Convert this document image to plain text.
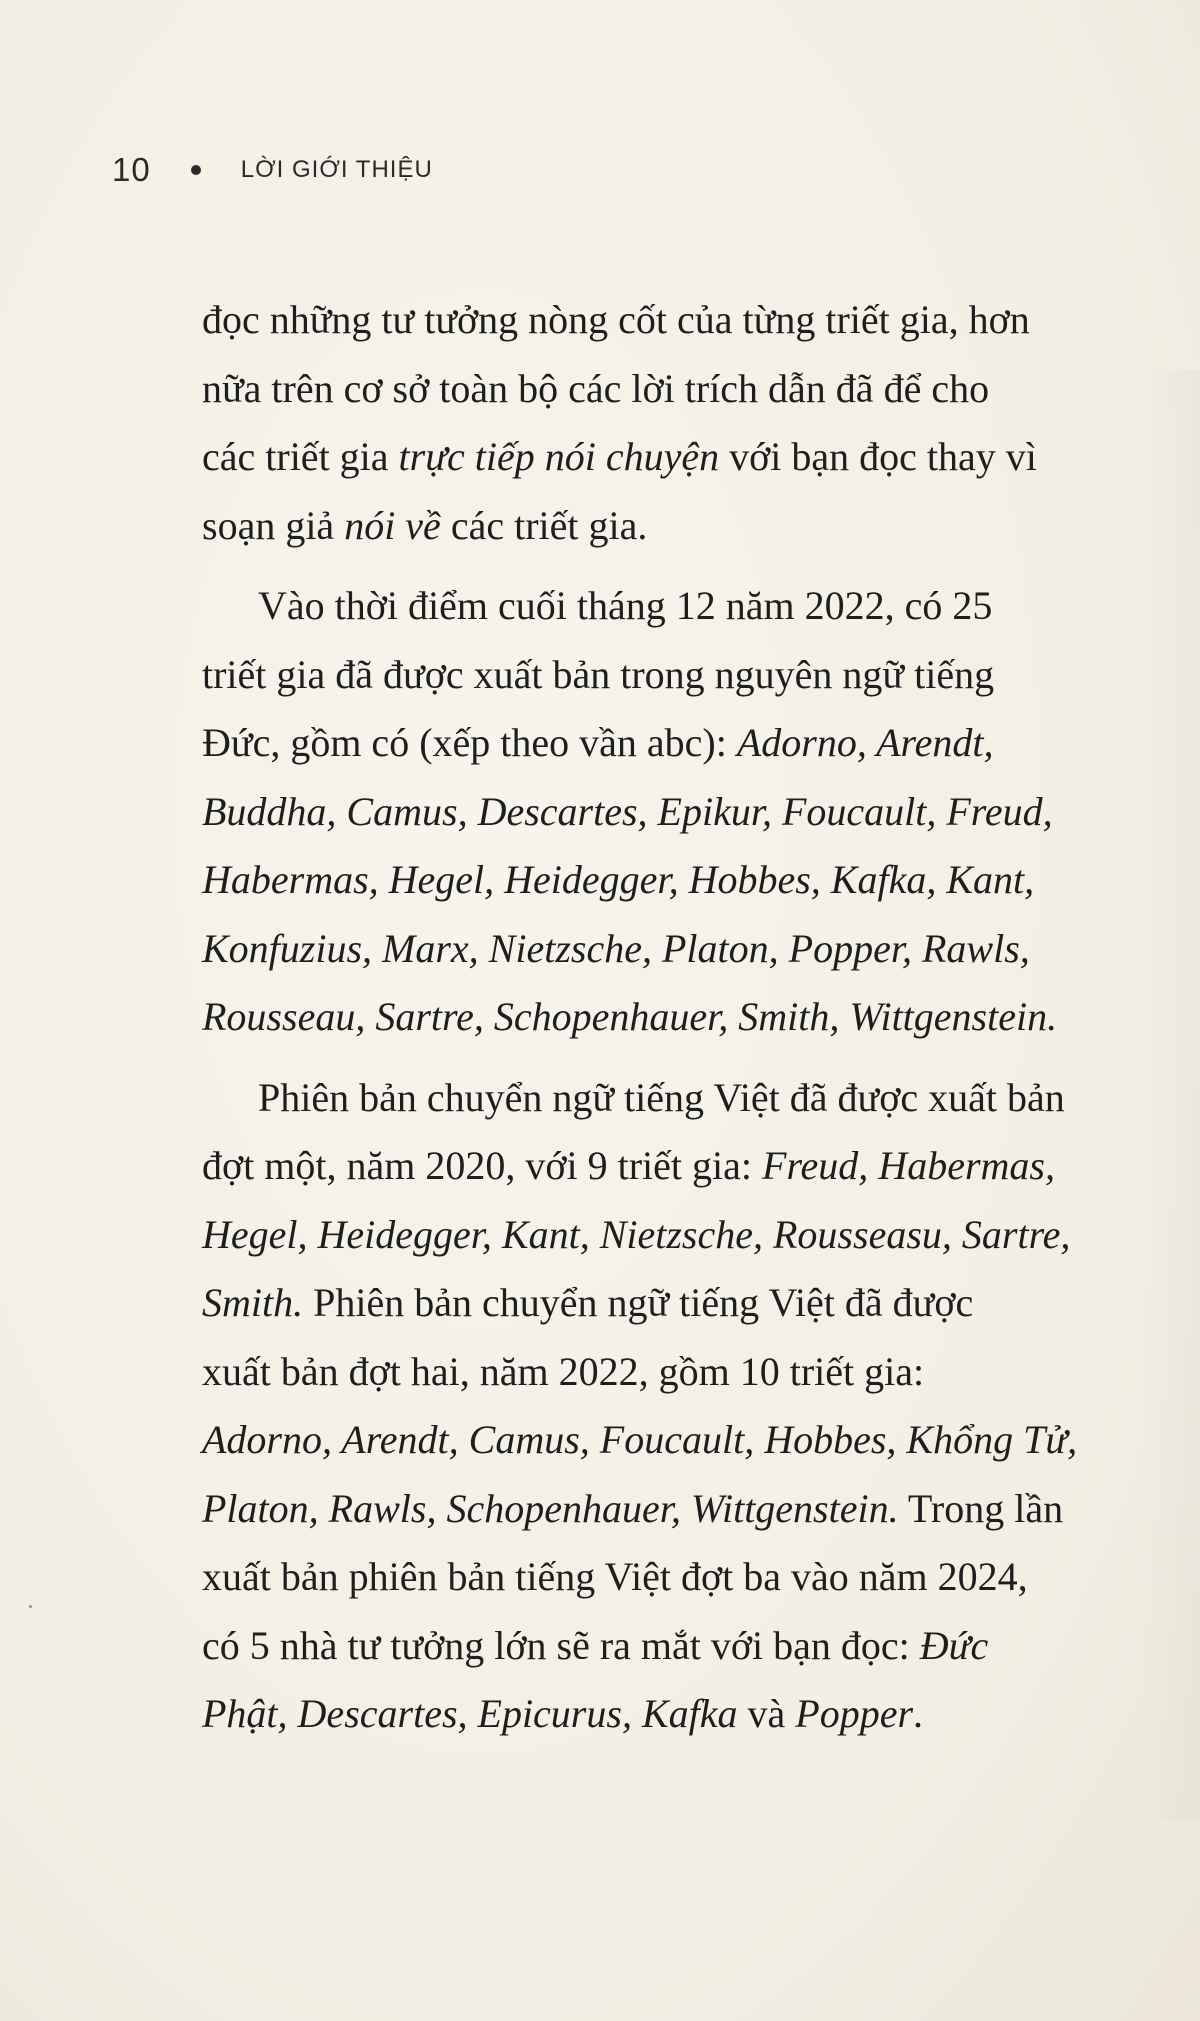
10	LỜI GIỚI THIỆU

đọc những tư tưởng nòng cốt của từng triết gia, hơn
nữa trên cơ sở toàn bộ các lời trích dẫn đã để cho
các triết gia trực tiếp nói chuyện với bạn đọc thay vì
soạn giả nói về các triết gia.

Vào thời điểm cuối tháng 12 năm 2022, có 25
triết gia đã được xuất bản trong nguyên ngữ tiếng
Đức, gồm có (xếp theo vần abc): Adorno, Arendt,
Buddha, Camus, Descartes, Epikur, Foucault, Freud,
Habermas, Hegel, Heidegger, Hobbes, Kafka, Kant,
Konfuzius, Marx, Nietzsche, Platon, Popper, Rawls,
Rousseau, Sartre, Schopenhauer, Smith, Wittgenstein.

Phiên bản chuyển ngữ tiếng Việt đã được xuất bản
đợt một, năm 2020, với 9 triết gia: Freud, Habermas,
Hegel, Heidegger, Kant, Nietzsche, Rousseasu, Sartre,
Smith. Phiên bản chuyển ngữ tiếng Việt đã được
xuất bản đợt hai, năm 2022, gồm 10 triết gia:
Adorno, Arendt, Camus, Foucault, Hobbes, Khổng Tử,
Platon, Rawls, Schopenhauer, Wittgenstein. Trong lần
xuất bản phiên bản tiếng Việt đợt ba vào năm 2024,
có 5 nhà tư tưởng lớn sẽ ra mắt với bạn đọc: Đức
Phật, Descartes, Epicurus, Kafka và Popper.
